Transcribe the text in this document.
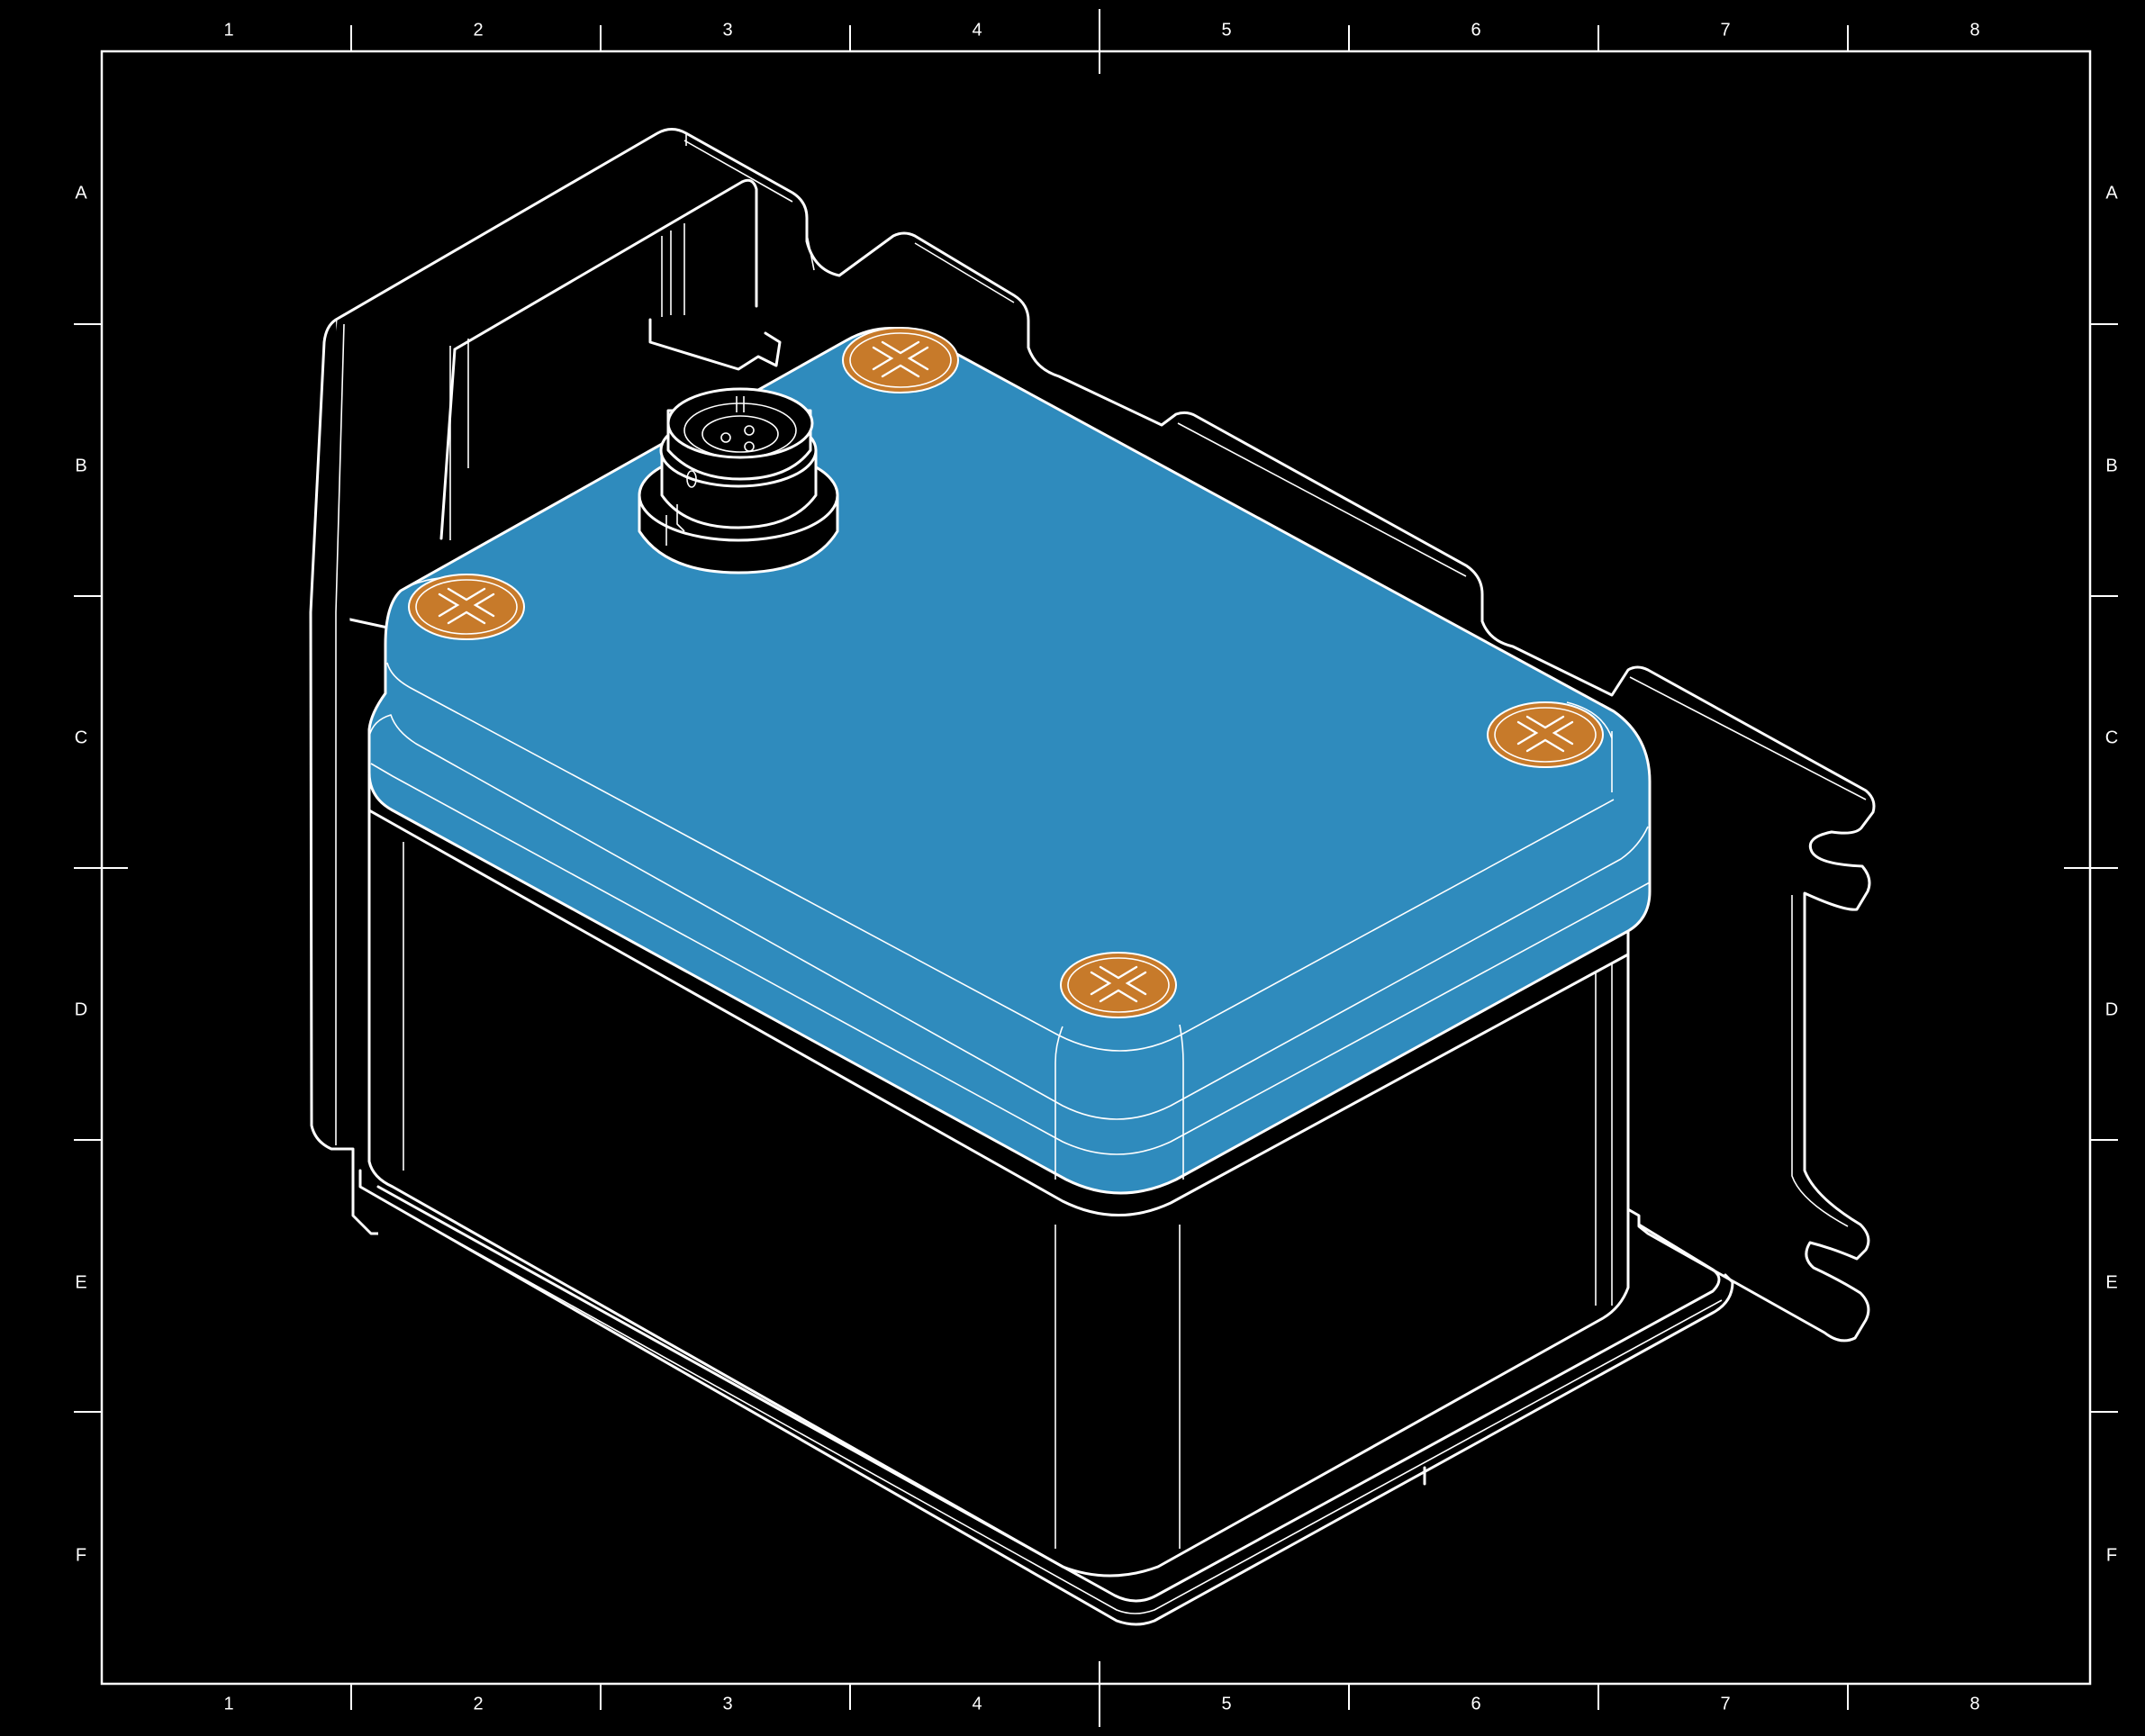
1	2	3	4	5	6	7	8
1	2	3	4	5	6	7	8
A
B
C
D
E
F
A
B
C
D
E
F
